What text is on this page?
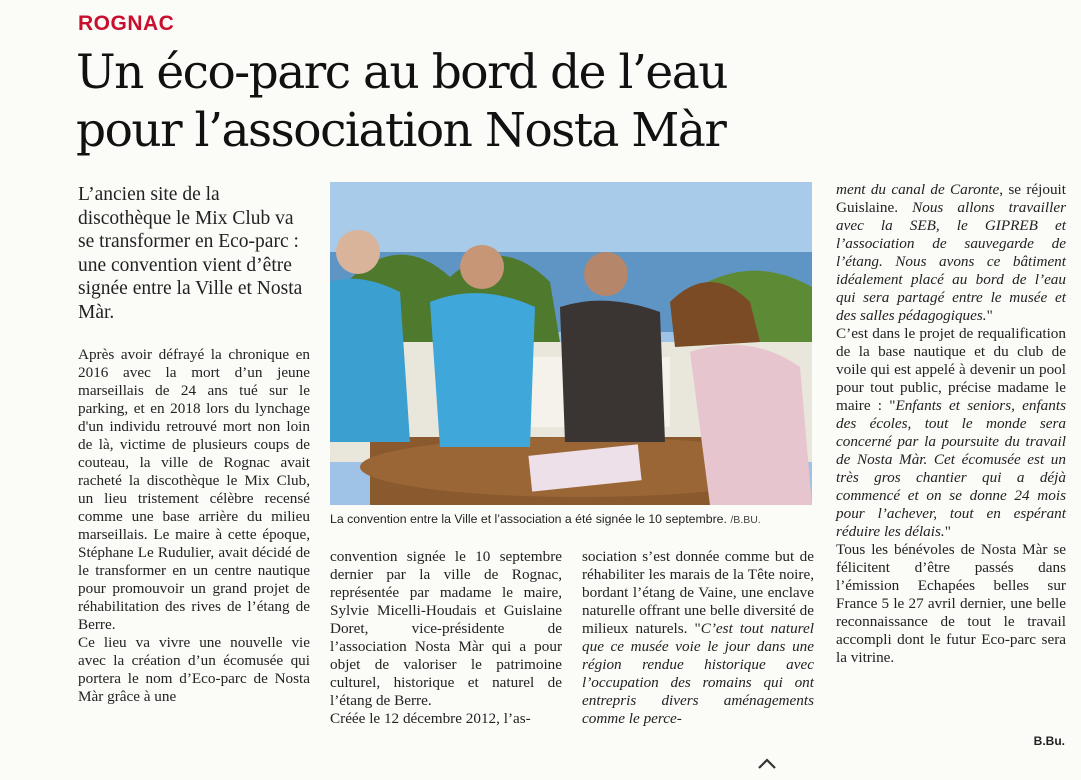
ROGNAC
Un éco-parc au bord de l’eau pour l’association Nosta Màr

L’ancien site de la discothèque le Mix Club va se transformer en Eco-parc : une convention vient d’être signée entre la Ville et Nosta Màr.

Après avoir défrayé la chronique en 2016 avec la mort d’un jeune marseillais de 24 ans tué sur le parking, et en 2018 lors du lynchage d'un individu retrouvé mort non loin de là, victime de plusieurs coups de couteau, la ville de Rognac avait racheté la discothèque le Mix Club, un lieu tristement célèbre recensé comme une base arrière du milieu marseillais. Le maire à cette époque, Stéphane Le Rudulier, avait décidé de le transformer en un centre nautique pour promouvoir un grand projet de réhabilitation des rives de l’étang de Berre.

Ce lieu va vivre une nouvelle vie avec la création d’un écomusée qui portera le nom d’Eco-parc de Nosta Màr grâce à une

La convention entre la Ville et l’association a été signée le 10 septembre. /B.BU.

convention signée le 10 septembre dernier par la ville de Rognac, représentée par madame le maire, Sylvie Micelli-Houdais et Guislaine Doret, vice-présidente de l’association Nosta Màr qui a pour objet de valoriser le patrimoine culturel, historique et naturel de l’étang de Berre.

Créée le 12 décembre 2012, l’as-

sociation s’est donnée comme but de réhabiliter les marais de la Tête noire, bordant l’étang de Vaine, une enclave naturelle offrant une belle diversité de milieux naturels. "C’est tout naturel que ce musée voie le jour dans une région rendue historique avec l’occupation des romains qui ont entrepris divers aménagements comme le perce-

ment du canal de Caronte, se réjouit Guislaine. Nous allons travailler avec la SEB, le GIPREB et l’association de sauvegarde de l’étang. Nous avons ce bâtiment idéalement placé au bord de l’eau qui sera partagé entre le musée et des salles pédagogiques."

C’est dans le projet de requalification de la base nautique et du club de voile qui est appelé à devenir un pool pour tout public, précise madame le maire : "Enfants et seniors, enfants des écoles, tout le monde sera concerné par la poursuite du travail de Nosta Màr. Cet écomusée est un très gros chantier qui a déjà commencé et on se donne 24 mois pour l’achever, tout en espérant réduire les délais."

Tous les bénévoles de Nosta Màr se félicitent d’être passés dans l’émission Echapées belles sur France 5 le 27 avril dernier, une belle reconnaissance de tout le travail accompli dont le futur Eco-parc sera la vitrine.

B.Bu.
